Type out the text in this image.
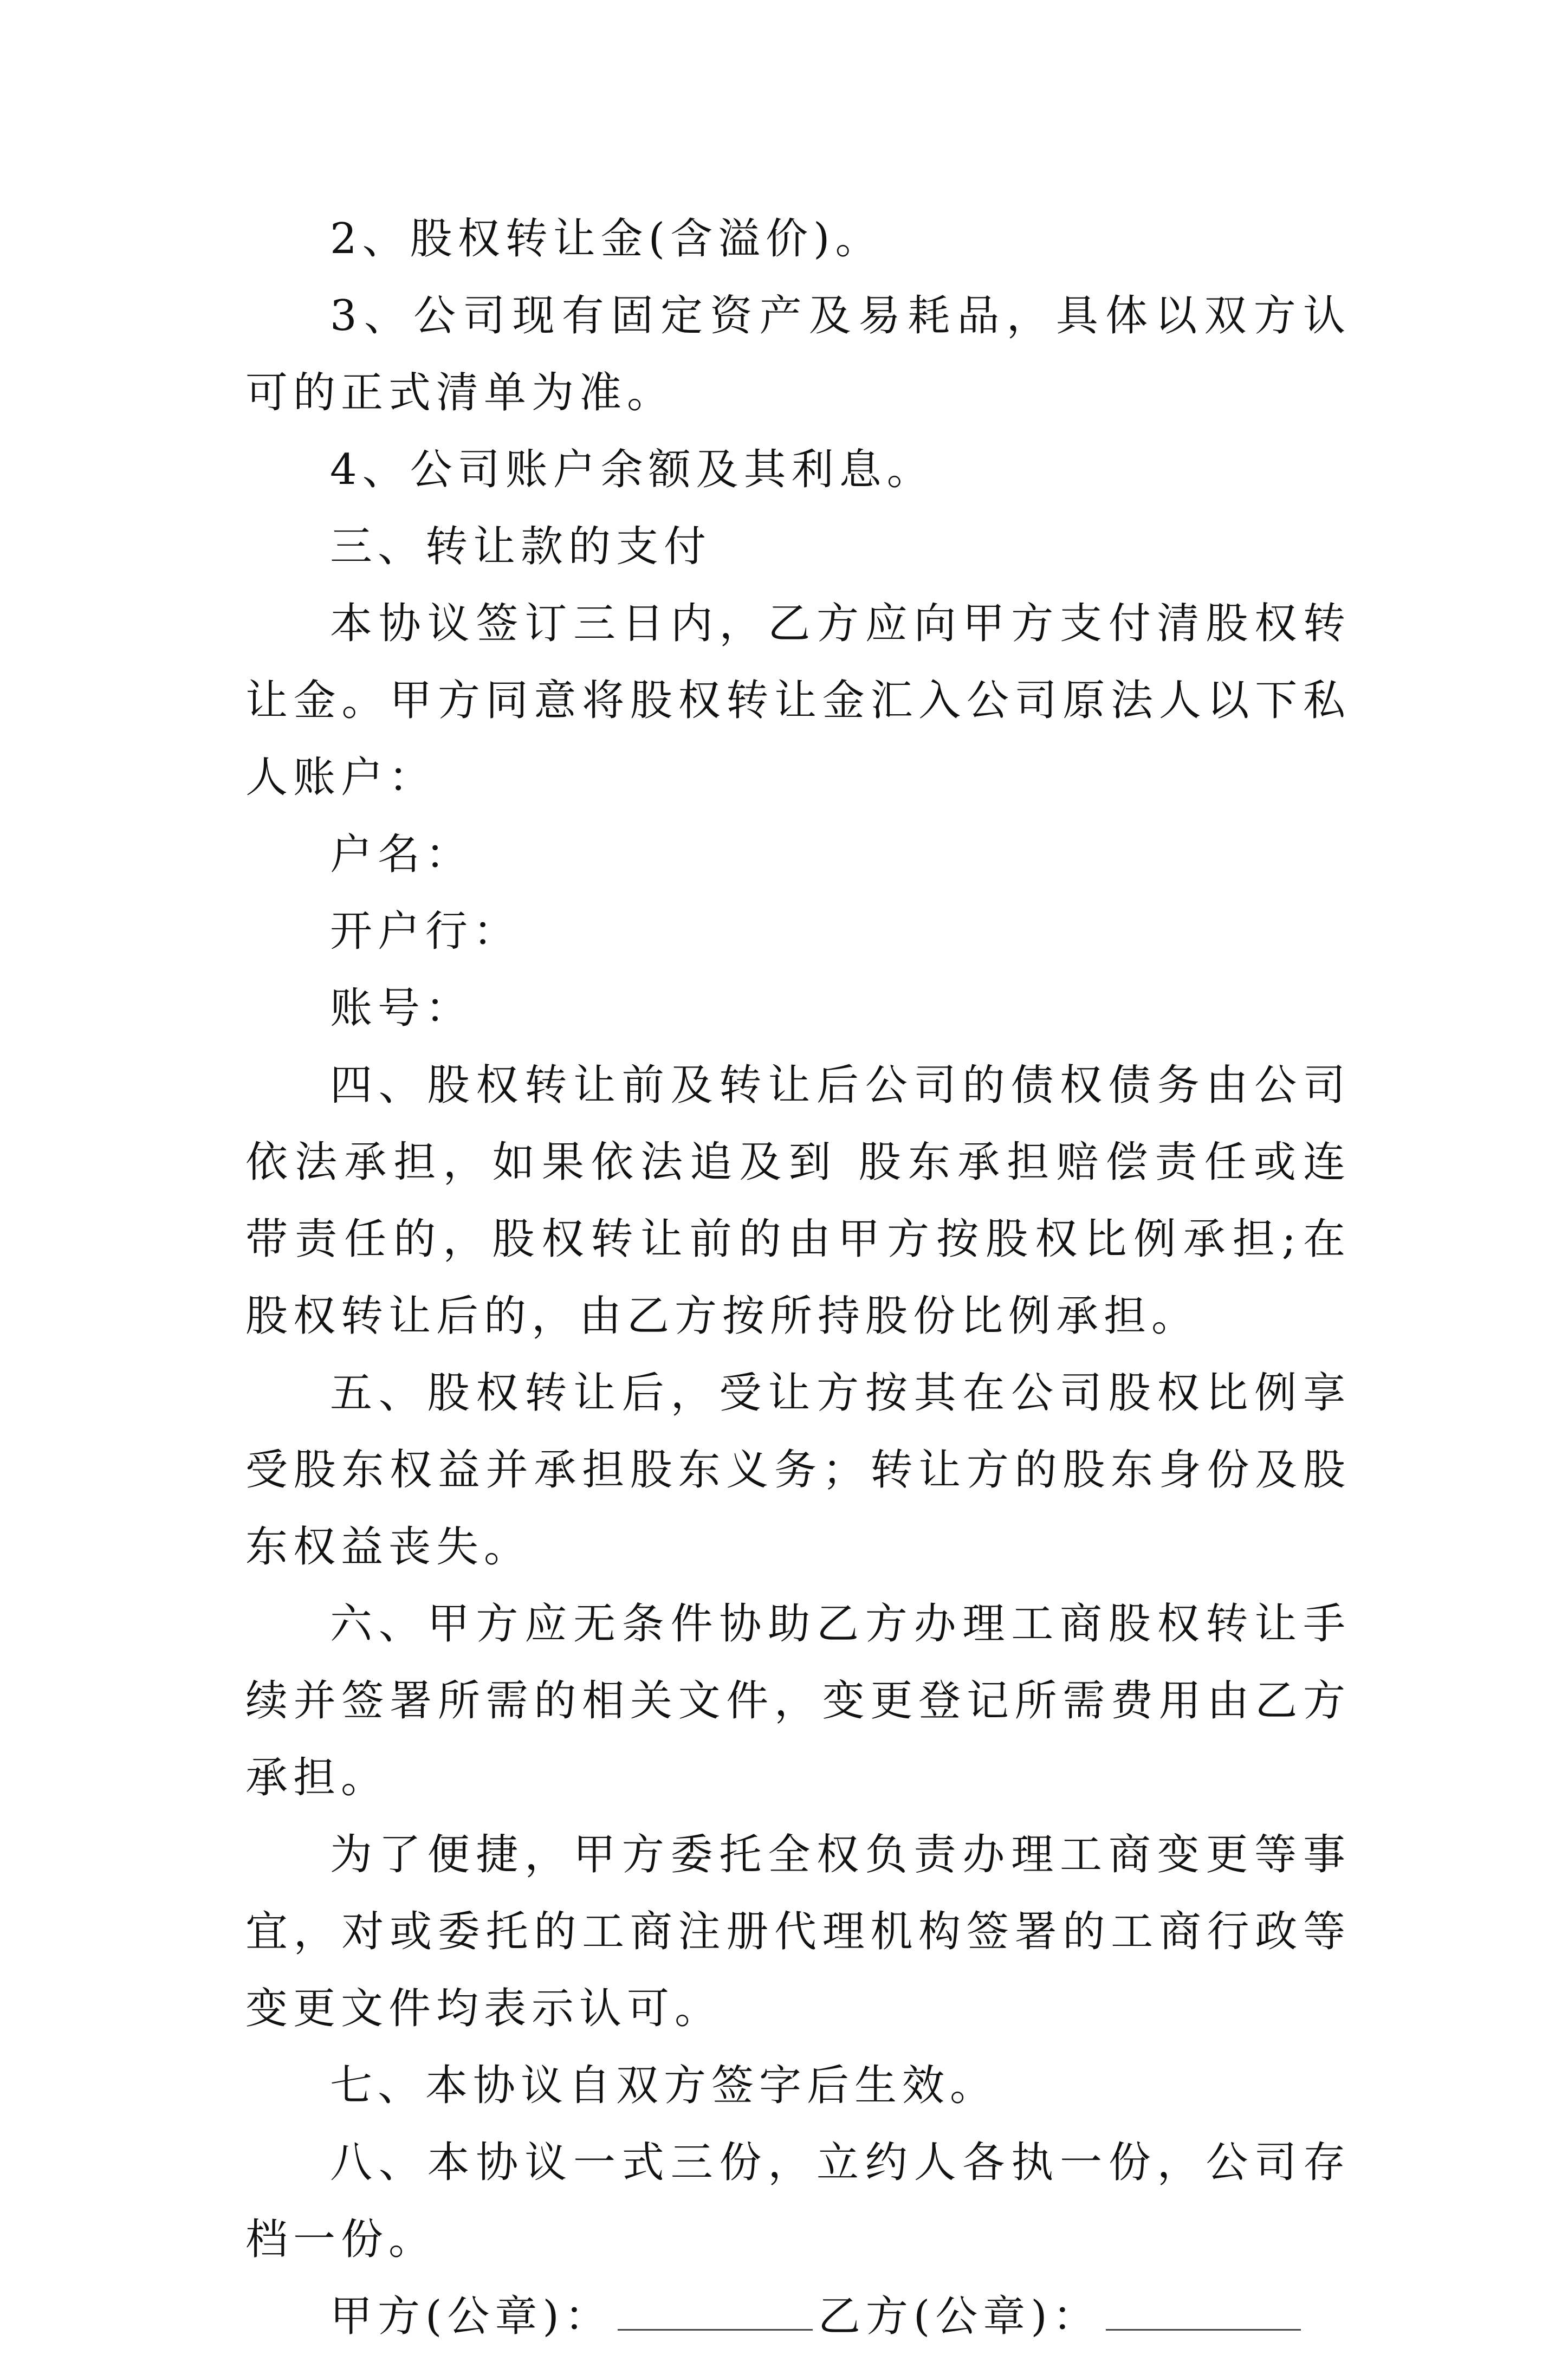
2、股权转让金(含溢价)。

3、公司现有固定资产及易耗品，具体以双方认可的正式清单为准。

4、公司账户余额及其利息。

三、转让款的支付

本协议签订三日内，乙方应向甲方支付清股权转让金。甲方同意将股权转让金汇入公司原法人以下私人账户：

户名：

开户行：

账号：

四、股权转让前及转让后公司的债权债务由公司依法承担，如果依法追及到 股东承担赔偿责任或连带责任的，股权转让前的由甲方按股权比例承担;在股权转让后的，由乙方按所持股份比例承担。

五、股权转让后，受让方按其在公司股权比例享受股东权益并承担股东义务；转让方的股东身份及股东权益丧失。

六、甲方应无条件协助乙方办理工商股权转让手续并签署所需的相关文件，变更登记所需费用由乙方承担。

为了便捷，甲方委托全权负责办理工商变更等事宜，对或委托的工商注册代理机构签署的工商行政等变更文件均表示认可。

七、本协议自双方签字后生效。

八、本协议一式三份，立约人各执一份，公司存档一份。

甲方(公章)：	乙方(公章)：
